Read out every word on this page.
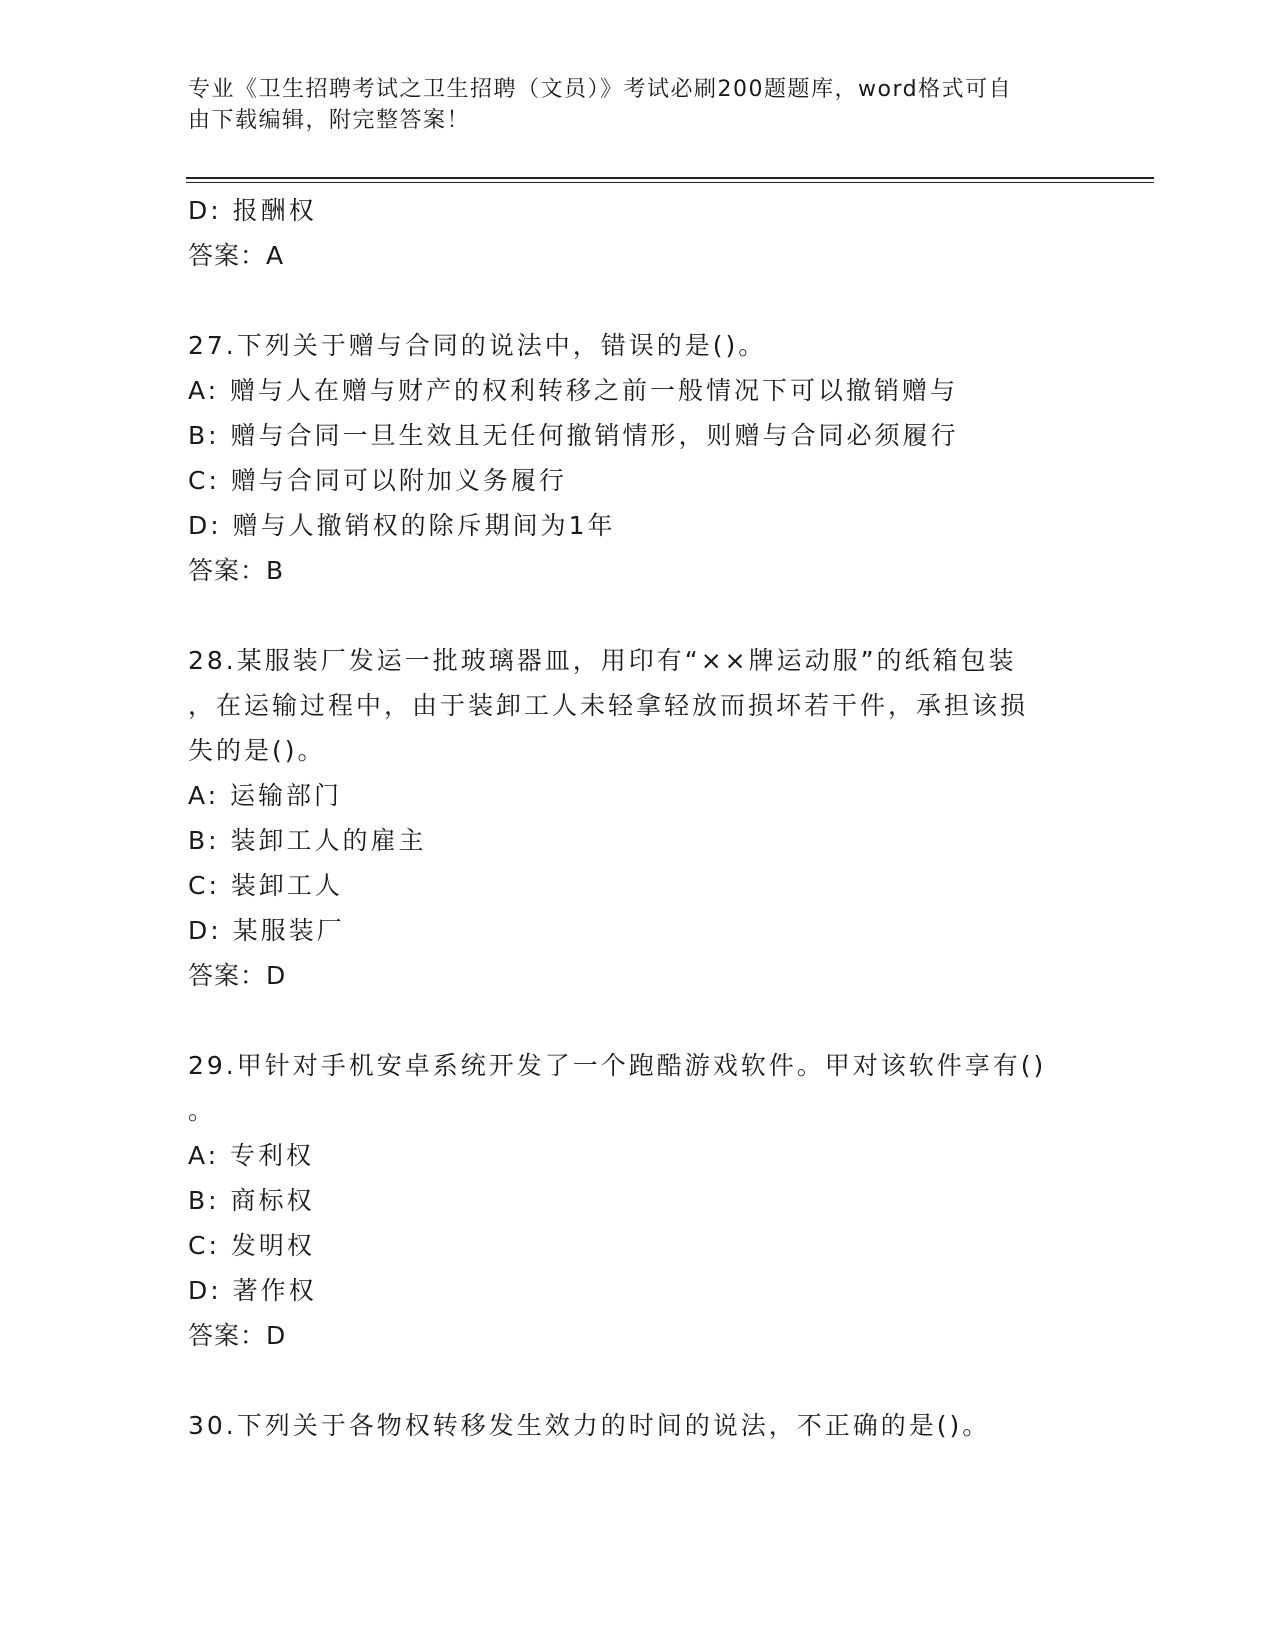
专业《卫生招聘考试之卫生招聘（文员）》考试必刷200题题库，word格式可自
由下载编辑，附完整答案！
D: 报酬权
答案：A
27.下列关于赠与合同的说法中，错误的是()。
A: 赠与人在赠与财产的权利转移之前一般情况下可以撤销赠与
B: 赠与合同一旦生效且无任何撤销情形，则赠与合同必须履行
C: 赠与合同可以附加义务履行
D: 赠与人撤销权的除斥期间为1年
答案：B
28.某服装厂发运一批玻璃器皿，用印有“××牌运动服”的纸箱包装
，在运输过程中，由于装卸工人未轻拿轻放而损坏若干件，承担该损
失的是()。
A: 运输部门
B: 装卸工人的雇主
C: 装卸工人
D: 某服装厂
答案：D
29.甲针对手机安卓系统开发了一个跑酷游戏软件。甲对该软件享有()
。
A: 专利权
B: 商标权
C: 发明权
D: 著作权
答案：D
30.下列关于各物权转移发生效力的时间的说法，不正确的是()。
